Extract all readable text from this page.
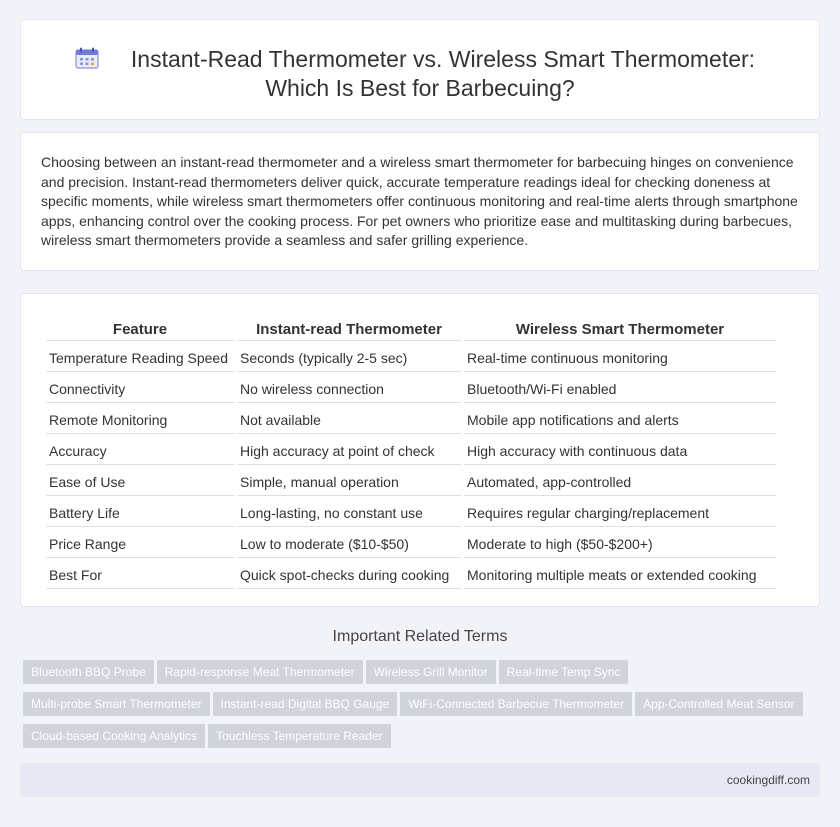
Instant-Read Thermometer vs. Wireless Smart Thermometer:
Which Is Best for Barbecuing?

Choosing between an instant-read thermometer and a wireless smart thermometer for barbecuing hinges on convenience and precision. Instant-read thermometers deliver quick, accurate temperature readings ideal for checking doneness at specific moments, while wireless smart thermometers offer continuous monitoring and real-time alerts through smartphone apps, enhancing control over the cooking process. For pet owners who prioritize ease and multitasking during barbecues, wireless smart thermometers provide a seamless and safer grilling experience.

Feature	Instant-read Thermometer	Wireless Smart Thermometer
Temperature Reading Speed	Seconds (typically 2-5 sec)	Real-time continuous monitoring
Connectivity	No wireless connection	Bluetooth/Wi-Fi enabled
Remote Monitoring	Not available	Mobile app notifications and alerts
Accuracy	High accuracy at point of check	High accuracy with continuous data
Ease of Use	Simple, manual operation	Automated, app-controlled
Battery Life	Long-lasting, no constant use	Requires regular charging/replacement
Price Range	Low to moderate ($10-$50)	Moderate to high ($50-$200+)
Best For	Quick spot-checks during cooking	Monitoring multiple meats or extended cooking
Important Related Terms
Bluetooth BBQ Probe Rapid-response Meat Thermometer Wireless Grill Monitor Real-time Temp Sync
Multi-probe Smart Thermometer Instant-read Digital BBQ Gauge WiFi-Connected Barbecue Thermometer App-Controlled Meat Sensor
Cloud-based Cooking Analytics Touchless Temperature Reader
cookingdiff.com
